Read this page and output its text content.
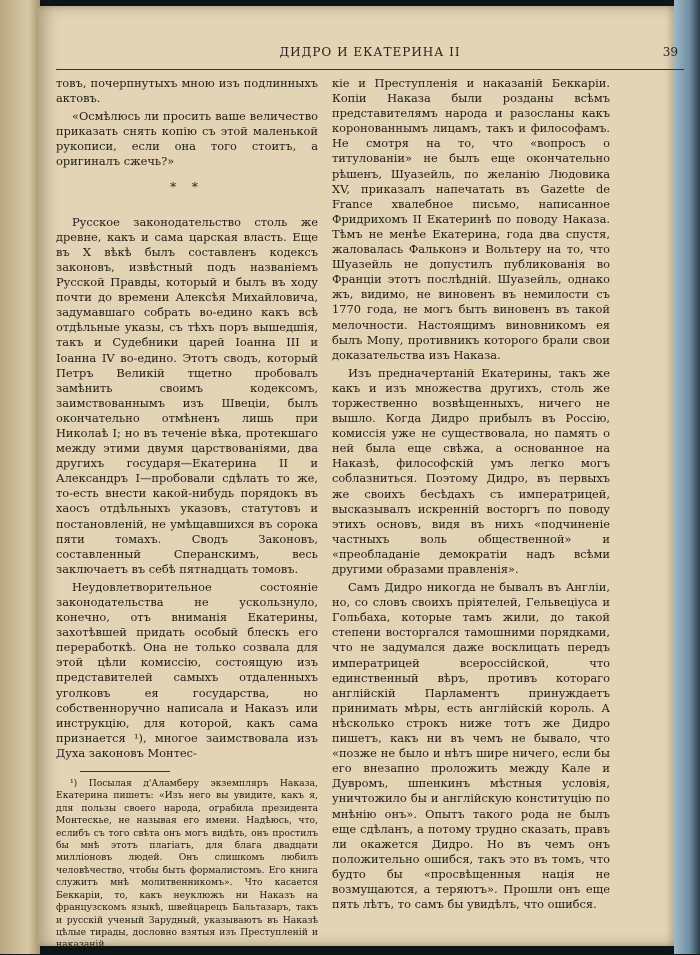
ДИДРО И ЕКАТЕРИНА II	39

товъ, почерпнутыхъ мною изъ подлинныхъ актовъ.

«Осмѣлюсь ли просить ваше величество приказать снять копію съ этой маленькой рукописи, если она того стоитъ, а оригиналъ сжечь?»

* *

Русское законодательство столь же древне, какъ и сама царская власть. Еще въ X вѣкѣ былъ составленъ кодексъ законовъ, извѣстный подъ названіемъ Русской Правды, который и былъ въ ходу почти до времени Алексѣя Михайловича, задумавшаго собрать во-едино какъ всѣ отдѣльные указы, съ тѣхъ поръ вышедшія, такъ и Судебники царей Іоанна III и Іоанна IV во-едино. Этотъ сводъ, который Петръ Великій тщетно пробовалъ замѣнить своимъ кодексомъ, заимствованнымъ изъ Швеціи, былъ окончательно отмѣненъ лишь при Николаѣ I; но въ теченіе вѣка, протекшаго между этими двумя царствованіями, два другихъ государя—Екатерина II и Александръ I—пробовали сдѣлать то же, то-есть внести какой-нибудь порядокъ въ хаосъ отдѣльныхъ указовъ, статутовъ и постановленій, не умѣщавшихся въ сорока пяти томахъ. Сводъ Законовъ, составленный Сперанскимъ, весь заключаетъ въ себѣ пятнадцать томовъ.

Неудовлетворительное состояніе законодательства не ускользнуло, конечно, отъ вниманія Екатерины, захотѣвшей придать особый блескъ его переработкѣ. Она не только созвала для этой цѣли комиссію, состоящую изъ представителей самыхъ отдаленныхъ уголковъ ея государства, но собственноручно написала и Наказъ или инструкцію, для которой, какъ сама признается ¹), многое заимствовала изъ Духа законовъ Монтес-

¹) Посылая д'Аламберу экземпляръ Наказа, Екатерина пишетъ: «Изъ него вы увидите, какъ я, для пользы своего народа, ограбила президента Монтескье, не называя его имени. Надѣюсь, что, еслибъ съ того свѣта онъ могъ видѣть, онъ простилъ бы мнѣ этотъ плагіатъ, для блага двадцати милліоновъ людей. Онъ слишкомъ любилъ человѣчество, чтобы быть формалистомъ. Его книга служитъ мнѣ молитвенникомъ». Что касается Беккаріи, то, какъ неуклюжъ ни Наказъ на французскомъ языкѣ, швейцарецъ Бальтазаръ, такъ и русскій ученый Зарудный, указываютъ въ Наказѣ цѣлые тирады, дословно взятыя изъ Преступленій и наказаній.

кіе и Преступленія и наказаній Беккаріи. Копіи Наказа были розданы всѣмъ представителямъ народа и разосланы какъ коронованнымъ лицамъ, такъ и философамъ. Не смотря на то, что «вопросъ о титулованіи» не былъ еще окончательно рѣшенъ, Шуазейль, по желанію Людовика XV, приказалъ напечатать въ Gazette de France хвалебное письмо, написанное Фридрихомъ II Екатеринѣ по поводу Наказа. Тѣмъ не менѣе Екатерина, года два спустя, жаловалась Фальконэ и Вольтеру на то, что Шуазейль не допустилъ публикованія во Франціи этотъ послѣдній. Шуазейль, однако жъ, видимо, не виновенъ въ немилости съ 1770 года, не могъ быть виновенъ въ такой мелочности. Настоящимъ виновникомъ ея былъ Мопу, противникъ которого брали свои доказательства изъ Наказа.

Изъ предначертаній Екатерины, такъ же какъ и изъ множества другихъ, столь же торжественно возвѣщенныхъ, ничего не вышло. Когда Дидро прибылъ въ Россію, комиссія уже не существовала, но память о ней была еще свѣжа, а основанное на Наказѣ, философскій умъ легко могъ соблазниться. Поэтому Дидро, въ первыхъ же своихъ бесѣдахъ съ императрицей, высказывалъ искренній восторгъ по поводу этихъ основъ, видя въ нихъ «подчиненіе частныхъ воль общественной» и «преобладаніе демократіи надъ всѣми другими образами правленія».

Самъ Дидро никогда не бывалъ въ Англіи, но, со словъ своихъ пріятелей, Гельвеціуса и Гольбаха, которые тамъ жили, до такой степени восторгался тамошними порядками, что не задумался даже восклицать передъ императрицей всероссійской, что единственный вѣръ, противъ котораго англійскій Парламентъ принуждаетъ принимать мѣры, есть англійскій король. А нѣсколько строкъ ниже тотъ же Дидро пишетъ, какъ ни въ чемъ не бывало, что «позже не было и нѣтъ шире ничего, если бы его внезапно проложить между Кале и Дувромъ, шпенкинъ мѣстныя условія, уничтожило бы и англійскую конституцію по мнѣнію онъ». Опытъ такого рода не былъ еще сдѣланъ, а потому трудно сказать, правъ ли окажется Дидро. Но въ чемъ онъ положительно ошибся, такъ это въ томъ, что будто бы «просвѣщенныя нація не возмущаются, а теряютъ». Прошли онъ еще пять лѣтъ, то самъ бы увидѣлъ, что ошибся.
